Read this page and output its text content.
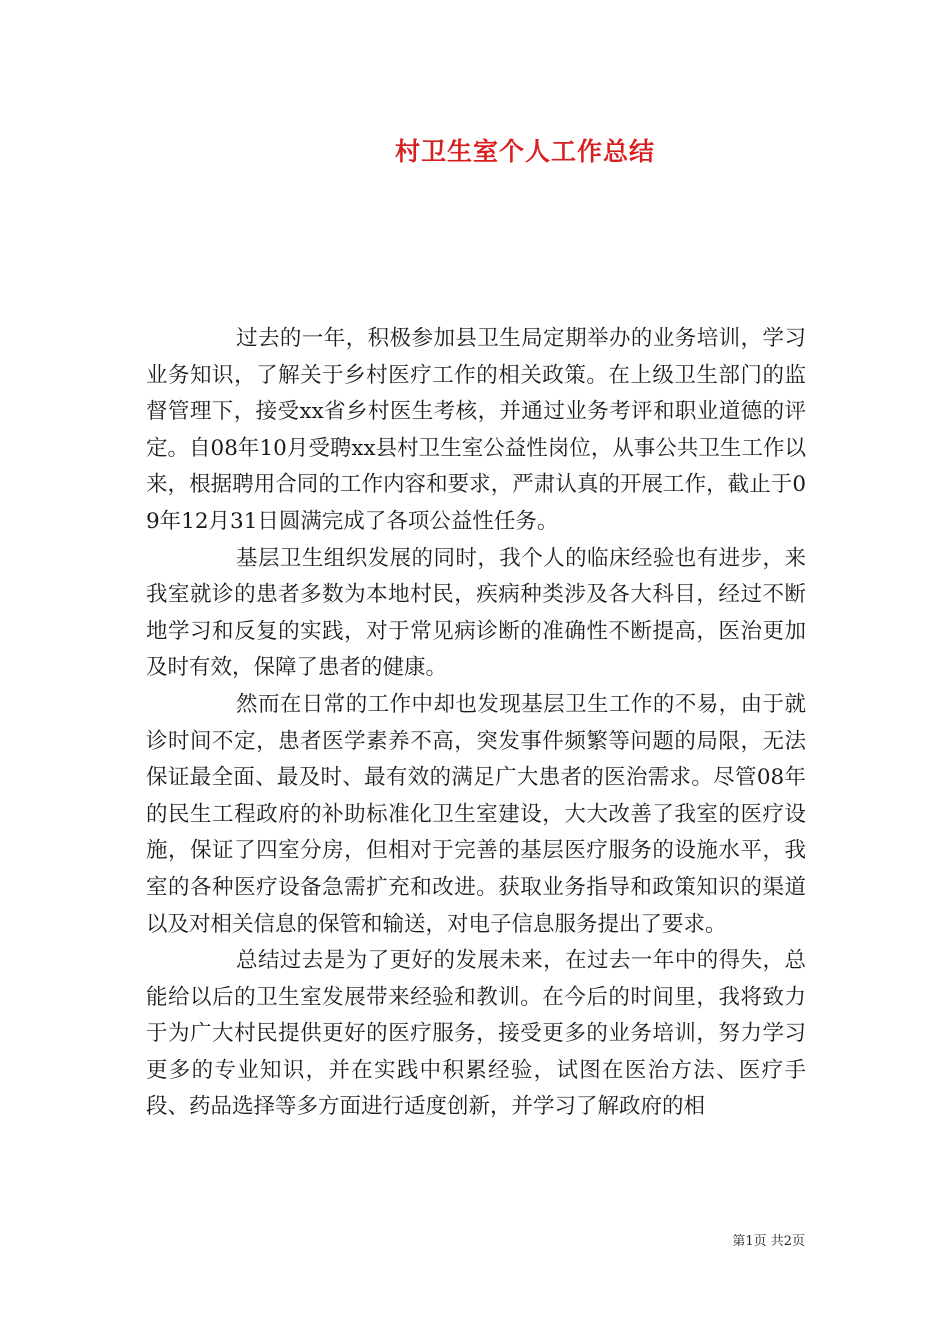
村卫生室个人工作总结

过去的一年，积极参加县卫生局定期举办的业务培训，学习业务知识，了解关于乡村医疗工作的相关政策。在上级卫生部门的监督管理下，接受xx省乡村医生考核，并通过业务考评和职业道德的评定。自08年10月受聘xx县村卫生室公益性岗位，从事公共卫生工作以来，根据聘用合同的工作内容和要求，严肃认真的开展工作，截止于09年12月31日圆满完成了各项公益性任务。

基层卫生组织发展的同时，我个人的临床经验也有进步，来我室就诊的患者多数为本地村民，疾病种类涉及各大科目，经过不断地学习和反复的实践，对于常见病诊断的准确性不断提高，医治更加及时有效，保障了患者的健康。

然而在日常的工作中却也发现基层卫生工作的不易，由于就诊时间不定，患者医学素养不高，突发事件频繁等问题的局限，无法保证最全面、最及时、最有效的满足广大患者的医治需求。尽管08年的民生工程政府的补助标准化卫生室建设，大大改善了我室的医疗设施，保证了四室分房，但相对于完善的基层医疗服务的设施水平，我室的各种医疗设备急需扩充和改进。获取业务指导和政策知识的渠道以及对相关信息的保管和输送，对电子信息服务提出了要求。

总结过去是为了更好的发展未来，在过去一年中的得失，总能给以后的卫生室发展带来经验和教训。在今后的时间里，我将致力于为广大村民提供更好的医疗服务，接受更多的业务培训，努力学习更多的专业知识，并在实践中积累经验，试图在医治方法、医疗手段、药品选择等多方面进行适度创新，并学习了解政府的相

第1页 共2页
